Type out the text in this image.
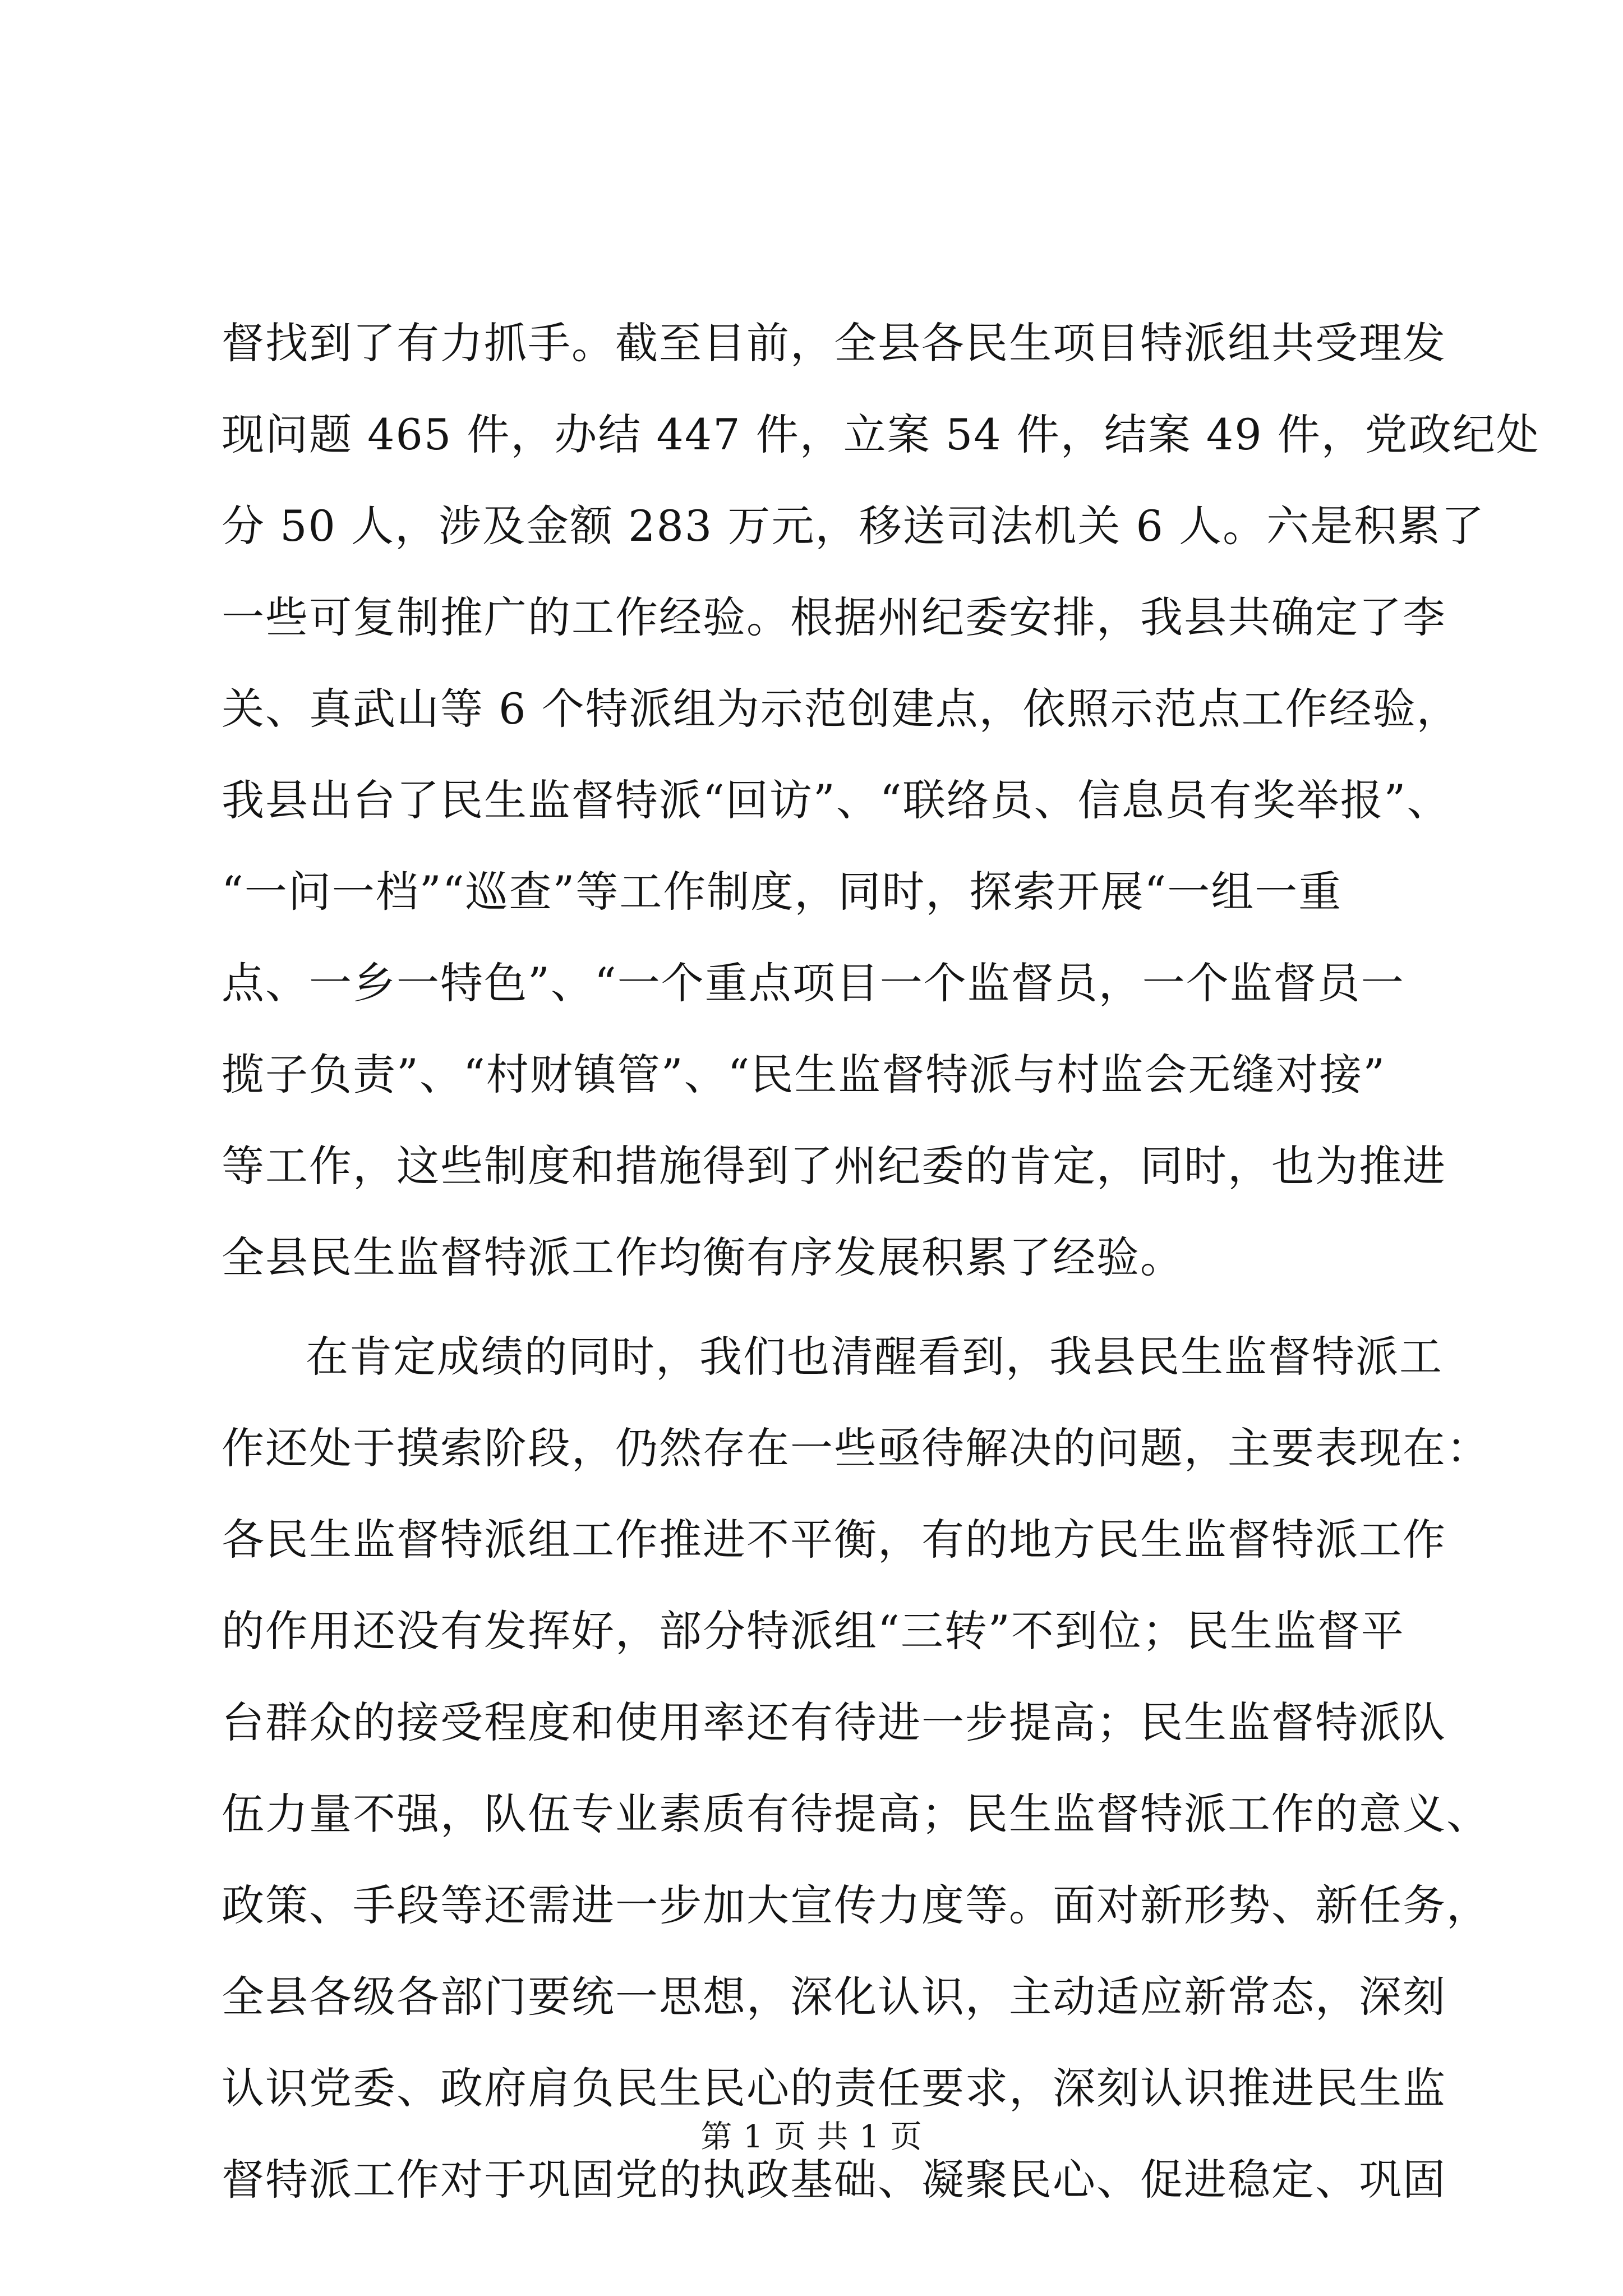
督找到了有力抓手。截至目前，全县各民生项目特派组共受理发
现问题 465 件，办结 447 件，立案 54 件，结案 49 件，党政纪处
分 50 人，涉及金额 283 万元，移送司法机关 6 人。六是积累了
一些可复制推广的工作经验。根据州纪委安排，我县共确定了李
关、真武山等 6 个特派组为示范创建点，依照示范点工作经验，
我县出台了民生监督特派“回访”、“联络员、信息员有奖举报”、
“一问一档”“巡查”等工作制度，同时，探索开展“一组一重
点、一乡一特色”、“一个重点项目一个监督员，一个监督员一
揽子负责”、“村财镇管”、“民生监督特派与村监会无缝对接”
等工作，这些制度和措施得到了州纪委的肯定，同时，也为推进
全县民生监督特派工作均衡有序发展积累了经验。
在肯定成绩的同时，我们也清醒看到，我县民生监督特派工
作还处于摸索阶段，仍然存在一些亟待解决的问题，主要表现在：
各民生监督特派组工作推进不平衡，有的地方民生监督特派工作
的作用还没有发挥好，部分特派组“三转”不到位；民生监督平
台群众的接受程度和使用率还有待进一步提高；民生监督特派队
伍力量不强，队伍专业素质有待提高；民生监督特派工作的意义、
政策、手段等还需进一步加大宣传力度等。面对新形势、新任务，
全县各级各部门要统一思想，深化认识，主动适应新常态，深刻
认识党委、政府肩负民生民心的责任要求，深刻认识推进民生监
督特派工作对于巩固党的执政基础、凝聚民心、促进稳定、巩固
第 1 页 共 1 页
